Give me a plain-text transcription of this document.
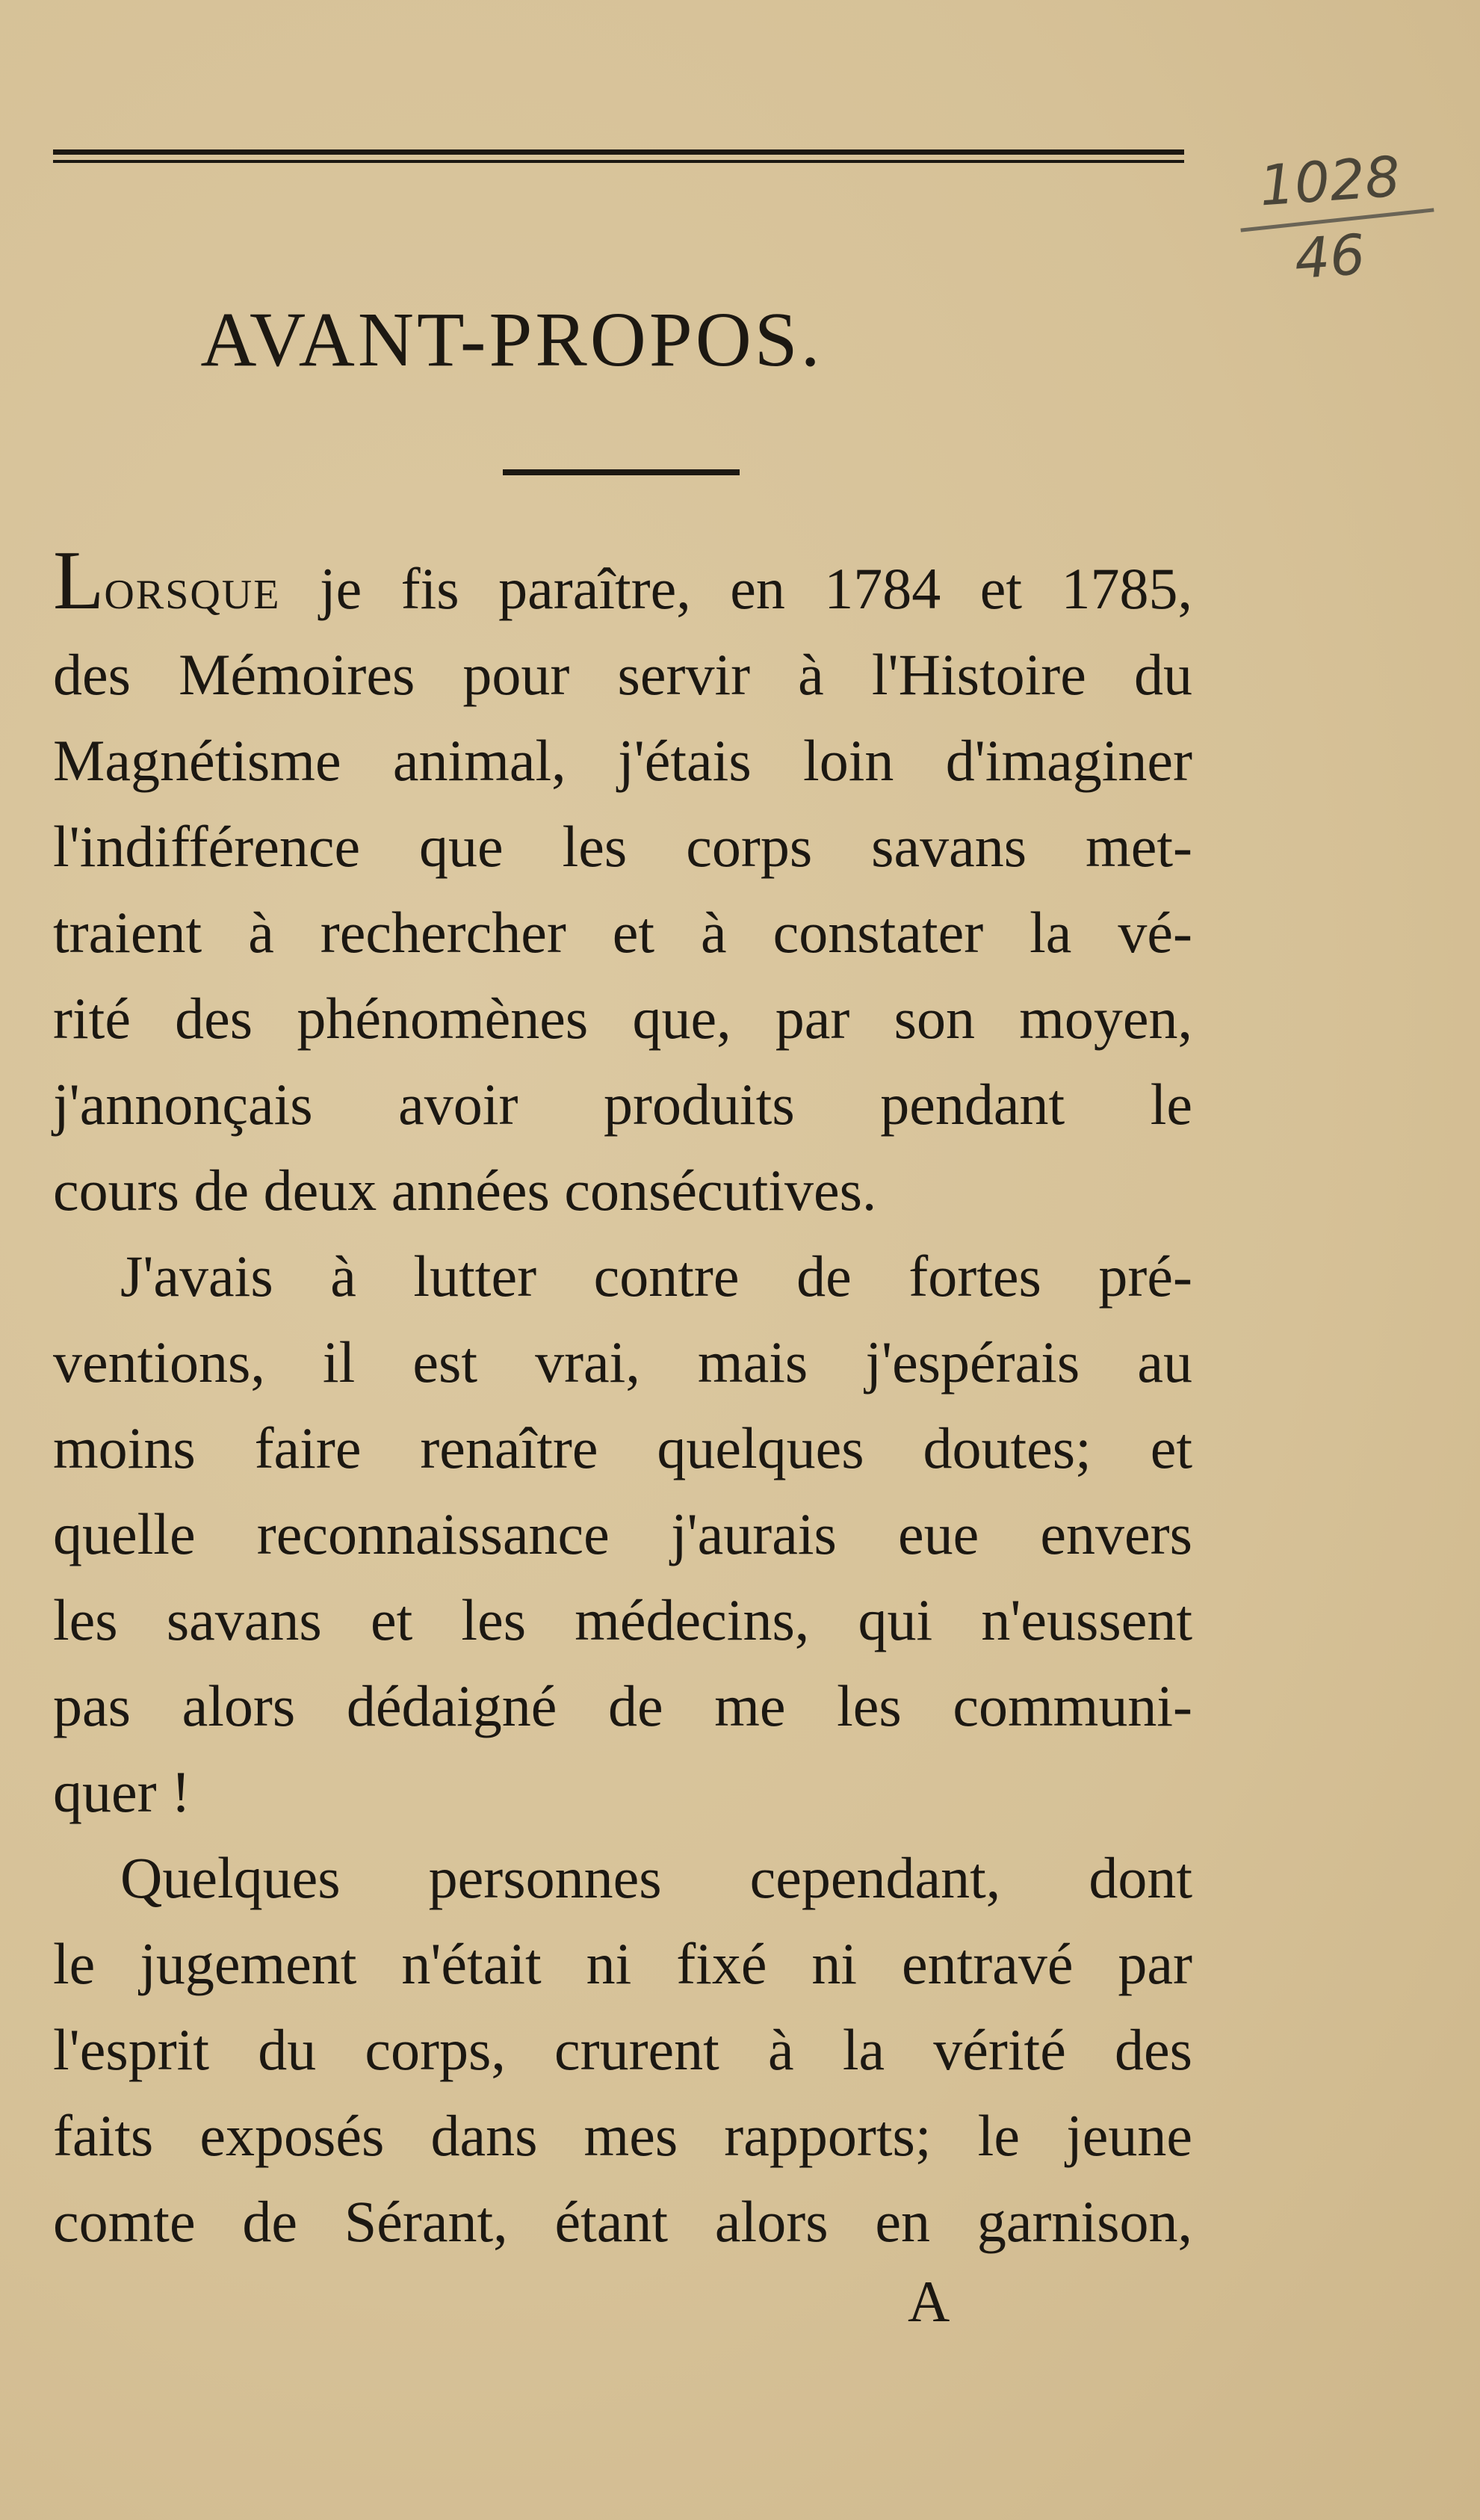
1028
46
AVANT-PROPOS.
LORSQUE je fis paraître, en 1784 et 1785,
des Mémoires pour servir à l'Histoire du
Magnétisme animal, j'étais loin d'imaginer
l'indifférence que les corps savans met-
traient à rechercher et à constater la vé-
rité des phénomènes que, par son moyen,
j'annonçais avoir produits pendant le
cours de deux années consécutives.
J'avais à lutter contre de fortes pré-
ventions, il est vrai, mais j'espérais au
moins faire renaître quelques doutes; et
quelle reconnaissance j'aurais eue envers
les savans et les médecins, qui n'eussent
pas alors dédaigné de me les communi-
quer !
Quelques personnes cependant, dont
le jugement n'était ni fixé ni entravé par
l'esprit du corps, crurent à la vérité des
faits exposés dans mes rapports; le jeune
comte de Sérant, étant alors en garnison,
A
